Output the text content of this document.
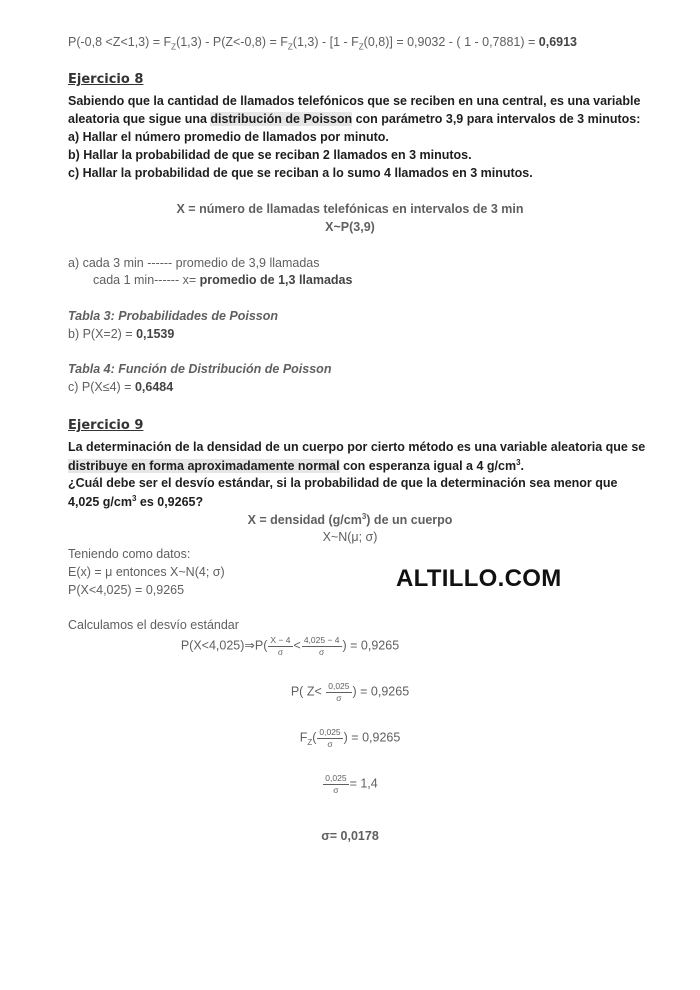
$P(-0,8 <Z<1,3) = F_Z(1,3) - P(Z<-0,8) = F_Z(1,3) - [1 - F_Z(0,8)] = 0,9032$ - ( 1 - 0,7881) = 0,6913
Ejercicio 8
Sabiendo que la cantidad de llamados telefónicos que se reciben en una central, es una variable
aleatoria que sigue una distribución de Poisson con parámetro 3,9 para intervalos de 3 minutos:
a) Hallar el número promedio de llamados por minuto.
b) Hallar la probabilidad de que se reciban 2 llamados en 3 minutos.
c) Hallar la probabilidad de que se reciban a lo sumo 4 llamados en 3 minutos.
X = número de llamadas telefónicas en intervalos de 3 min
X~P(3,9)
a) cada 3 min ------ promedio de 3,9 llamadas
cada 1 min------ x= promedio de 1,3 llamadas
Tabla 3: Probabilidades de Poisson
b) P(X=2) = 0,1539
Tabla 4: Función de Distribución de Poisson
c) P(X≤4) = 0,6484
Ejercicio 9
La determinación de la densidad de un cuerpo por cierto método es una variable aleatoria que se
distribuye en forma aproximadamente normal con esperanza igual a 4 $g/cm^3$.
¿Cuál debe ser el desvío estándar, si la probabilidad de que la determinación sea menor que
4,025 $g/cm^3$ es 0,9265?
X = densidad $(g/cm^3)$ de un cuerpo
X~N(μ; σ)
Teniendo como datos:
E(x) = μ entonces X~N(4; σ)
P(X<4,025) = 0,9265	ALTILLO.COM
Calculamos el desvío estándar
P(X<4,025)⇒P( $\frac{X - 4}{\sigma} < \frac{4,025 - 4}{\sigma}$ ) = 0,9265
P( $Z< \frac{0,025}{\sigma}$ ) = 0,9265
$F_Z( \frac{0,025}{\sigma}$ ) = 0,9265
$\frac{0,025}{\sigma} = 1,4$
σ= 0,0178
